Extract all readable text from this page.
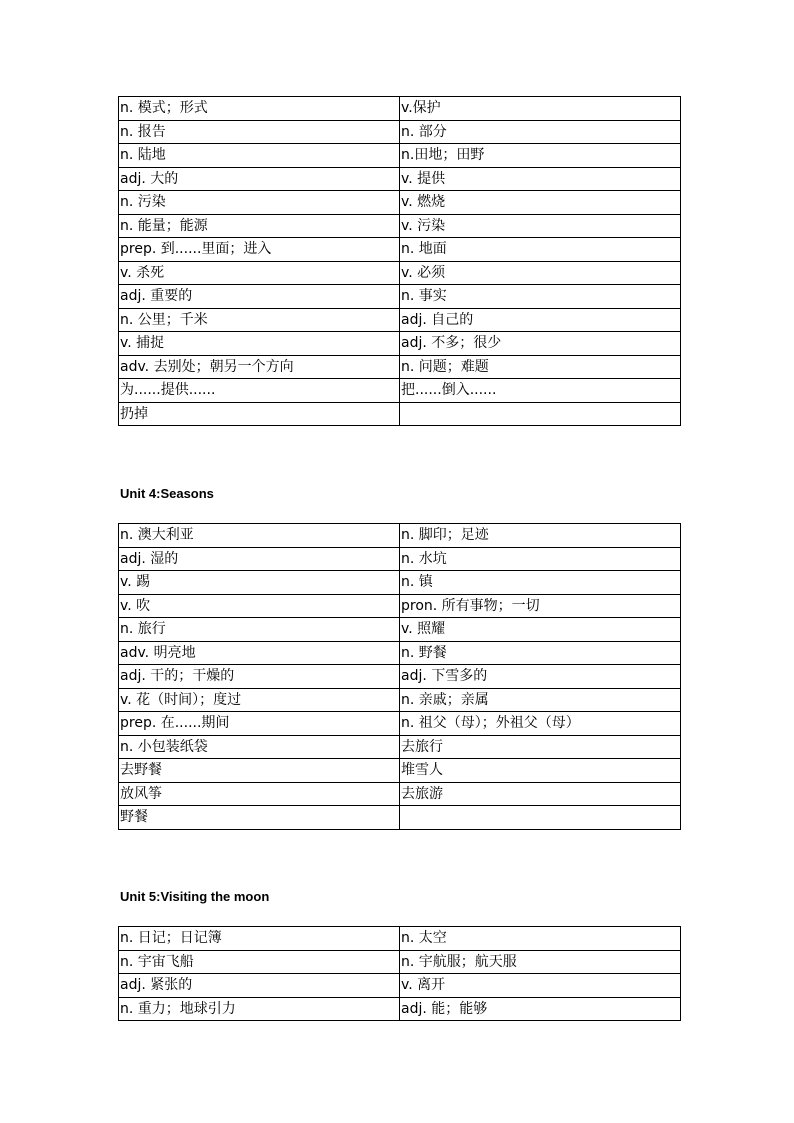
n. 模式；形式	v.保护
n. 报告	n. 部分
n. 陆地	n.田地；田野
adj. 大的	v. 提供
n. 污染	v. 燃烧
n. 能量；能源	v. 污染
prep. 到......里面；进入	n. 地面
v. 杀死	v. 必须
adj. 重要的	n. 事实
n. 公里；千米	adj. 自己的
v. 捕捉	adj. 不多；很少
adv. 去别处；朝另一个方向	n. 问题；难题
为......提供......	把......倒入......
扔掉	
Unit 4:Seasons
n. 澳大利亚	n. 脚印；足迹
adj. 湿的	n. 水坑
v. 踢	n. 镇
v. 吹	pron. 所有事物；一切
n. 旅行	v. 照耀
adv. 明亮地	n. 野餐
adj. 干的；干燥的	adj. 下雪多的
v. 花（时间）；度过	n. 亲戚；亲属
prep. 在......期间	n. 祖父（母）；外祖父（母）
n. 小包装纸袋	去旅行
去野餐	堆雪人
放风筝	去旅游
野餐	
Unit 5:Visiting the moon
n. 日记；日记簿	n. 太空
n. 宇宙飞船	n. 宇航服；航天服
adj. 紧张的	v. 离开
n. 重力；地球引力	adj. 能；能够
